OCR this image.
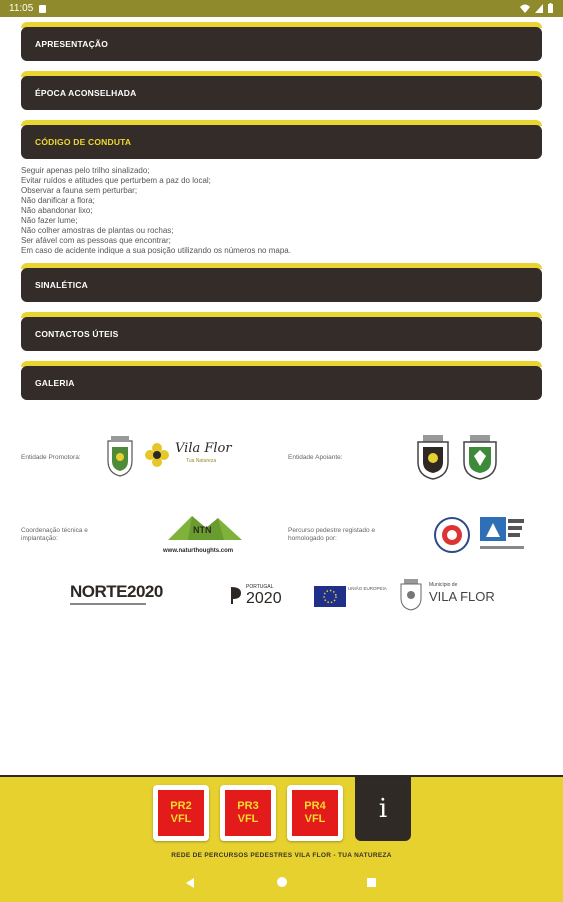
11:05
APRESENTAÇÃO
ÉPOCA ACONSELHADA
CÓDIGO DE CONDUTA
Seguir apenas pelo trilho sinalizado;
Evitar ruídos e atitudes que perturbem a paz do local;
Observar a fauna sem perturbar;
Não danificar a flora;
Não abandonar lixo;
Não fazer lume;
Não colher amostras de plantas ou rochas;
Ser afável com as pessoas que encontrar;
Em caso de acidente indique a sua posição utilizando os números no mapa.
SINALÉTICA
CONTACTOS ÚTEIS
GALERIA
Entidade Promotora:
Vila Flor
Tua Natureza	Entidade Apoiante:
Coordenação técnica e
implantação:
NTN
www.naturthoughts.com
Percurso pedestre registado e
homologado por:
NORTE2020	PORTUGAL
2020
UNIÃO EUROPEIA
Município de
VILA FLOR
PR2
VFL
PR3
VFL
PR4
VFL i
REDE DE PERCURSOS PEDESTRES VILA FLOR - TUA NATUREZA
